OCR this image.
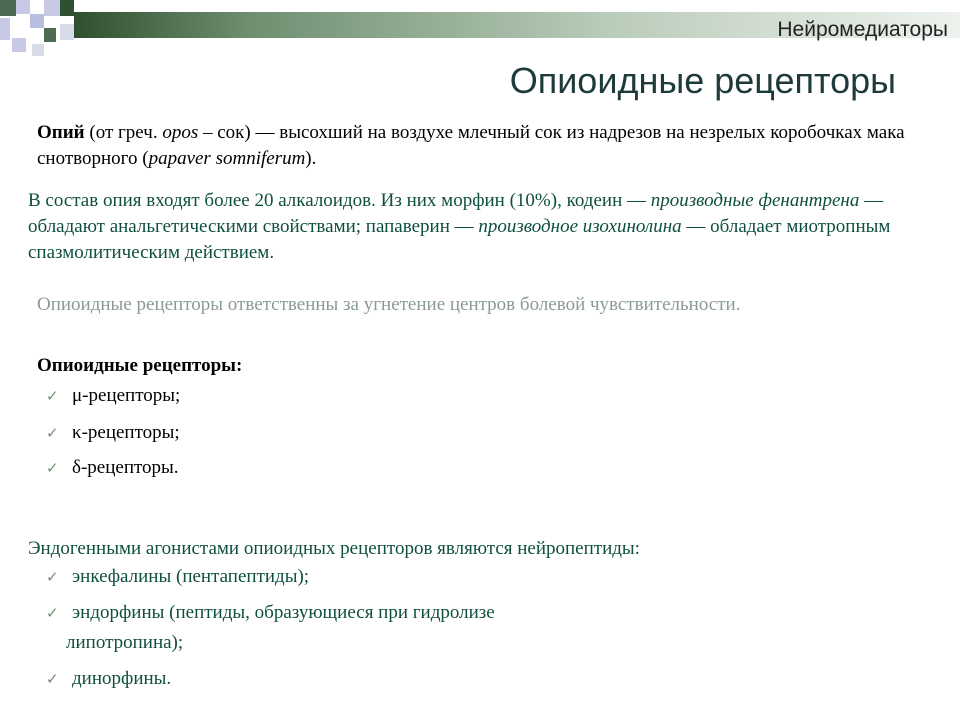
Нейромедиаторы
Опиоидные рецепторы
Опий (от греч. opos – сок) — высохший на воздухе млечный сок из надрезов на незрелых коробочках мака снотворного (papaver somniferum).
В состав опия входят более 20 алкалоидов. Из них морфин (10%), кодеин — производные фенантрена —обладают анальгетическими свойствами; папаверин — производное изохинолина — обладает миотропным спазмолитическим действием.
Опиоидные рецепторы ответственны за угнетение центров болевой чувствительности.
Опиоидные рецепторы:
✓ μ-рецепторы;
✓ κ-рецепторы;
✓ δ-рецепторы.
Эндогенными агонистами опиоидных рецепторов являются нейропептиды:
✓ энкефалины (пентапептиды);
✓ эндорфины (пептиды, образующиеся при гидролизе
липотропина);
✓ динорфины.
